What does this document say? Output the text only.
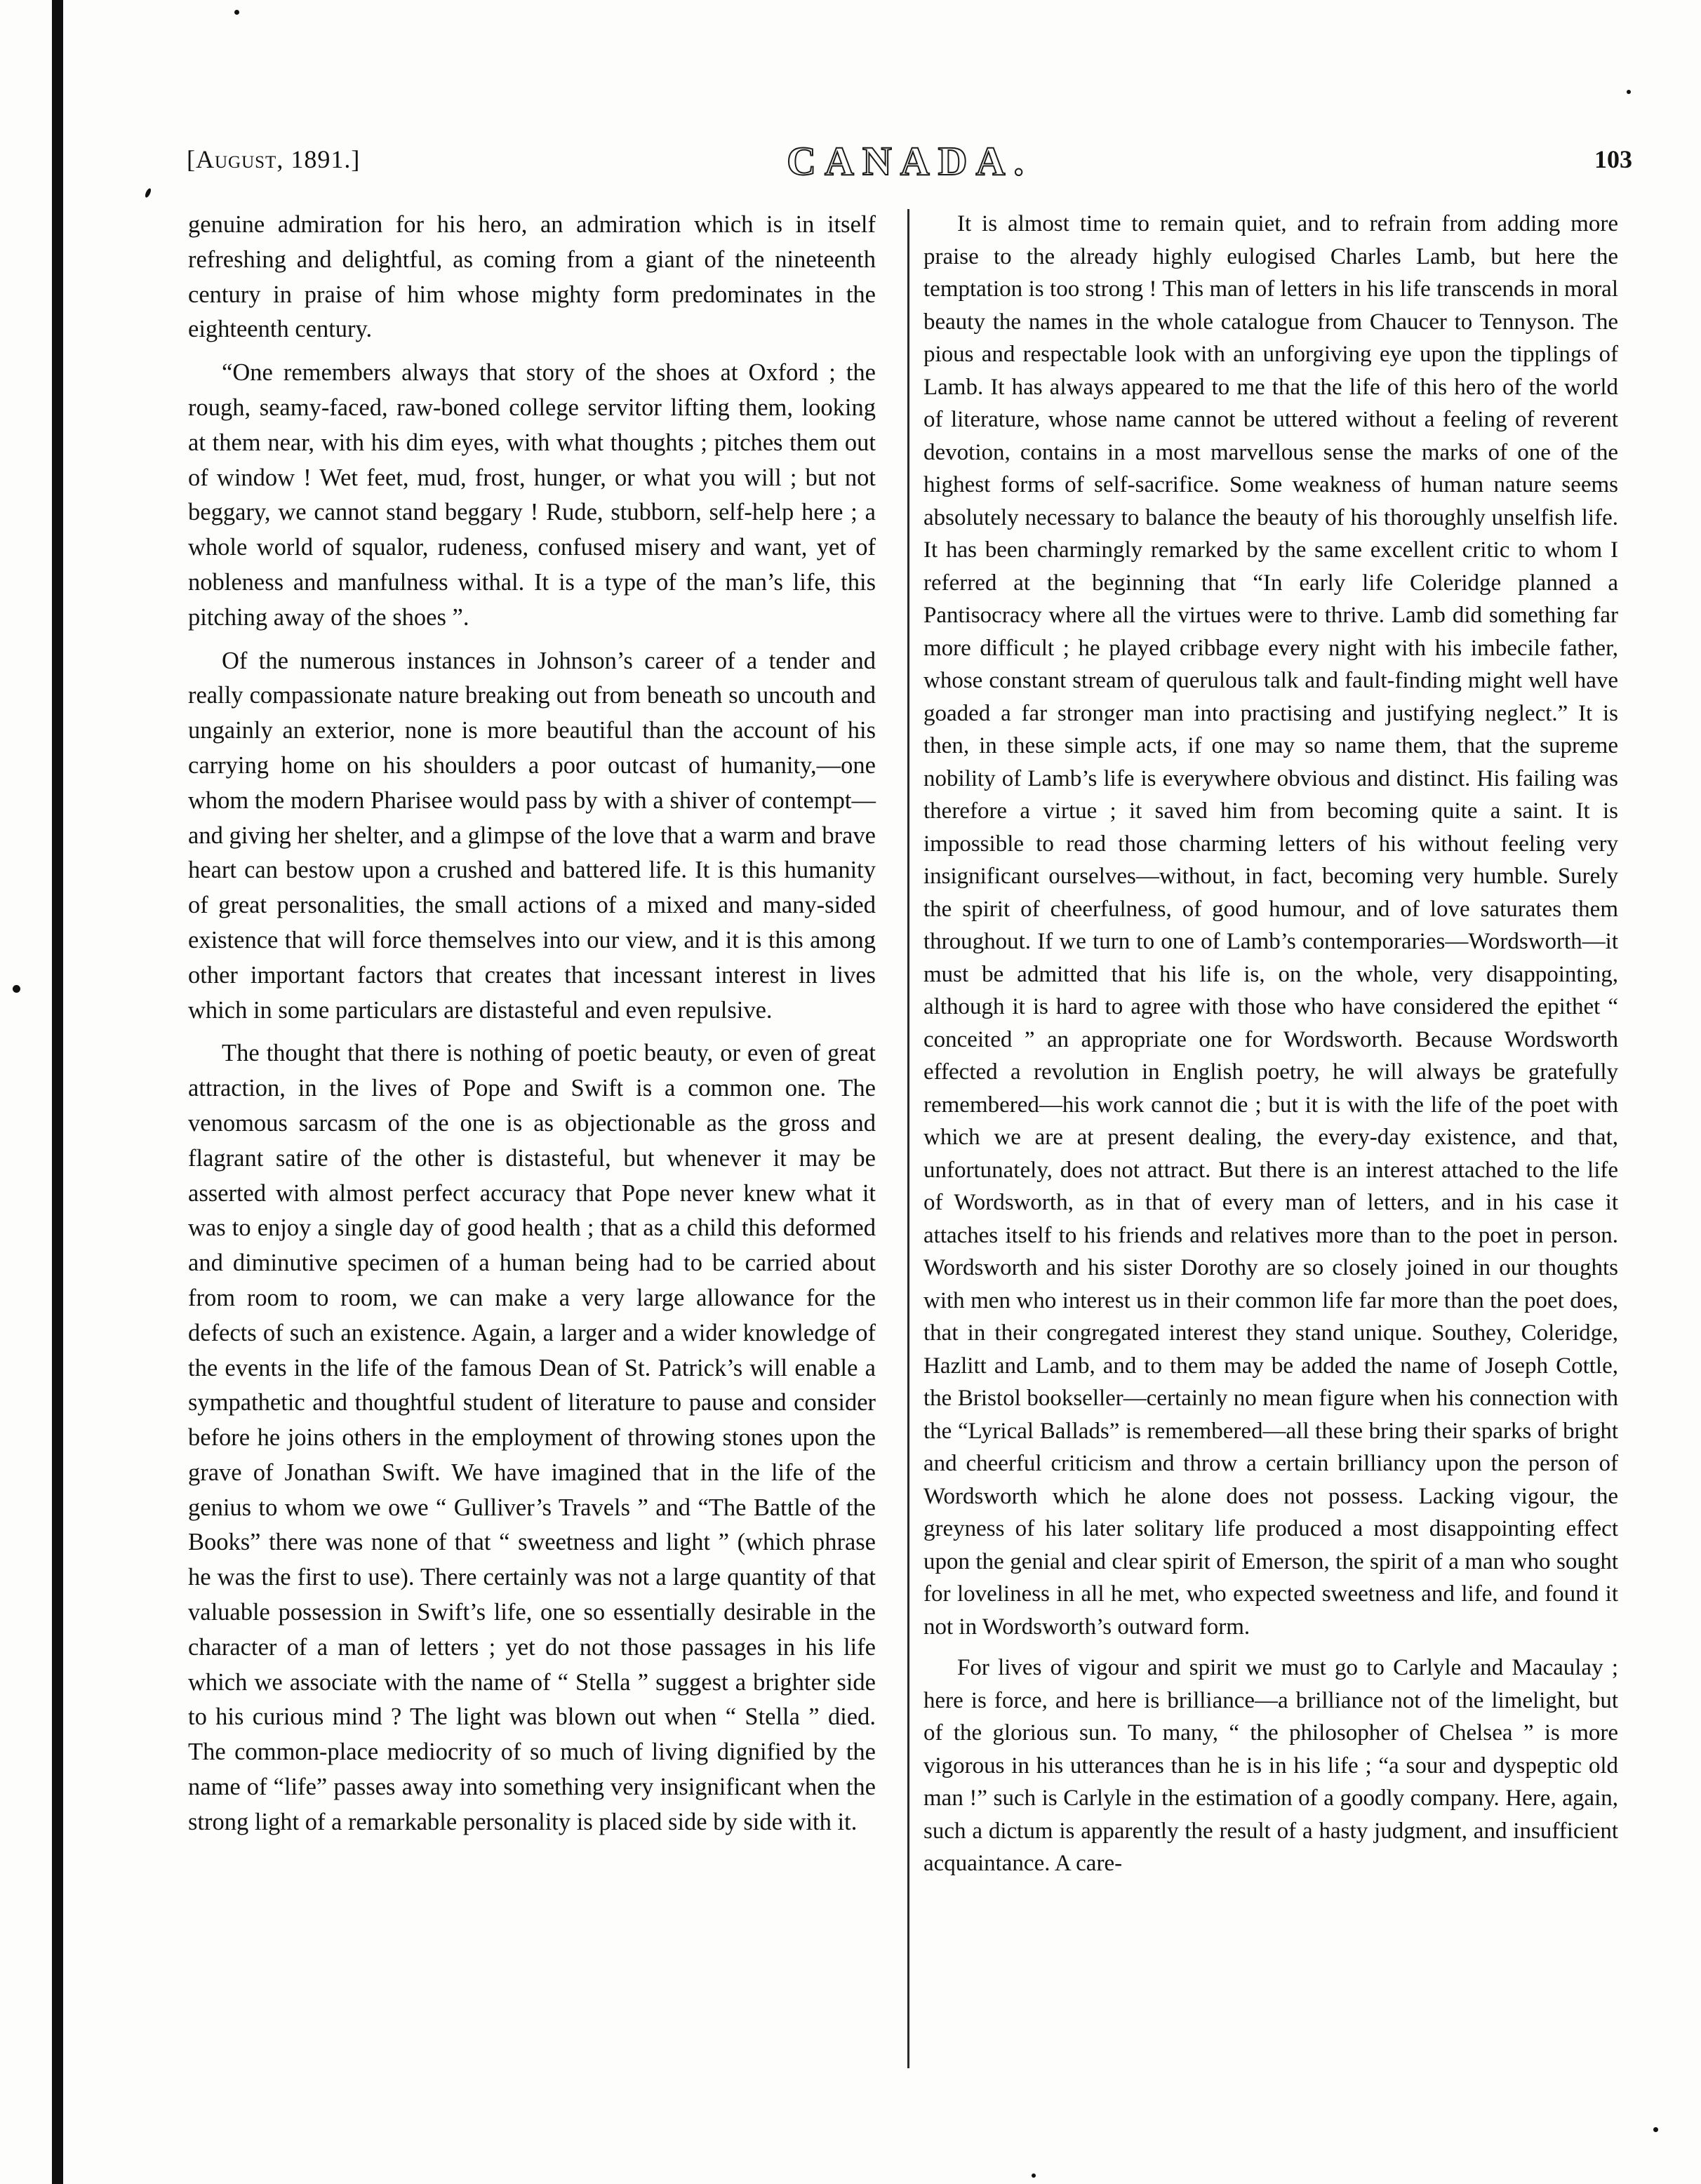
[August, 1891.]	CANADA.	103

genuine admiration for his hero, an admiration which is in itself refreshing and delightful, as coming from a giant of the nineteenth century in praise of him whose mighty form predominates in the eighteenth century.

“One remembers always that story of the shoes at Oxford ; the rough, seamy-faced, raw-boned college servitor lifting them, looking at them near, with his dim eyes, with what thoughts ; pitches them out of window ! Wet feet, mud, frost, hunger, or what you will ; but not beggary, we cannot stand beggary ! Rude, stubborn, self-help here ; a whole world of squalor, rudeness, confused misery and want, yet of nobleness and manfulness withal. It is a type of the man’s life, this pitching away of the shoes ”.

Of the numerous instances in Johnson’s career of a tender and really compassionate nature breaking out from beneath so uncouth and ungainly an exterior, none is more beautiful than the account of his carrying home on his shoulders a poor outcast of humanity,—one whom the modern Pharisee would pass by with a shiver of contempt—and giving her shelter, and a glimpse of the love that a warm and brave heart can bestow upon a crushed and battered life. It is this humanity of great personalities, the small actions of a mixed and many-sided existence that will force themselves into our view, and it is this among other important factors that creates that incessant interest in lives which in some particulars are distasteful and even repulsive.

The thought that there is nothing of poetic beauty, or even of great attraction, in the lives of Pope and Swift is a common one. The venomous sarcasm of the one is as objectionable as the gross and flagrant satire of the other is distasteful, but whenever it may be asserted with almost perfect accuracy that Pope never knew what it was to enjoy a single day of good health ; that as a child this deformed and diminutive specimen of a human being had to be carried about from room to room, we can make a very large allowance for the defects of such an existence. Again, a larger and a wider knowledge of the events in the life of the famous Dean of St. Patrick’s will enable a sympathetic and thoughtful student of literature to pause and consider before he joins others in the employment of throwing stones upon the grave of Jonathan Swift. We have imagined that in the life of the genius to whom we owe “ Gulliver’s Travels ” and “The Battle of the Books” there was none of that “ sweetness and light ” (which phrase he was the first to use). There certainly was not a large quantity of that valuable possession in Swift’s life, one so essentially desirable in the character of a man of letters ; yet do not those passages in his life which we associate with the name of “ Stella ” suggest a brighter side to his curious mind ? The light was blown out when “ Stella ” died. The common-place mediocrity of so much of living dignified by the name of “life” passes away into something very insignificant when the strong light of a remarkable personality is placed side by side with it.

It is almost time to remain quiet, and to refrain from adding more praise to the already highly eulogised Charles Lamb, but here the temptation is too strong ! This man of letters in his life transcends in moral beauty the names in the whole catalogue from Chaucer to Tennyson. The pious and respectable look with an unforgiving eye upon the tipplings of Lamb. It has always appeared to me that the life of this hero of the world of literature, whose name cannot be uttered without a feeling of reverent devotion, contains in a most marvellous sense the marks of one of the highest forms of self-sacrifice. Some weakness of human nature seems absolutely necessary to balance the beauty of his thoroughly unselfish life. It has been charmingly remarked by the same excellent critic to whom I referred at the beginning that “In early life Coleridge planned a Pantisocracy where all the virtues were to thrive. Lamb did something far more difficult ; he played cribbage every night with his imbecile father, whose constant stream of querulous talk and fault-finding might well have goaded a far stronger man into practising and justifying neglect.” It is then, in these simple acts, if one may so name them, that the supreme nobility of Lamb’s life is everywhere obvious and distinct. His failing was therefore a virtue ; it saved him from becoming quite a saint. It is impossible to read those charming letters of his without feeling very insignificant ourselves—without, in fact, becoming very humble. Surely the spirit of cheerfulness, of good humour, and of love saturates them throughout. If we turn to one of Lamb’s contemporaries—Wordsworth—it must be admitted that his life is, on the whole, very disappointing, although it is hard to agree with those who have considered the epithet “ conceited ” an appropriate one for Wordsworth. Because Wordsworth effected a revolution in English poetry, he will always be gratefully remembered—his work cannot die ; but it is with the life of the poet with which we are at present dealing, the every-day existence, and that, unfortunately, does not attract. But there is an interest attached to the life of Wordsworth, as in that of every man of letters, and in his case it attaches itself to his friends and relatives more than to the poet in person. Wordsworth and his sister Dorothy are so closely joined in our thoughts with men who interest us in their common life far more than the poet does, that in their congregated interest they stand unique. Southey, Coleridge, Hazlitt and Lamb, and to them may be added the name of Joseph Cottle, the Bristol bookseller—certainly no mean figure when his connection with the “Lyrical Ballads” is remembered—all these bring their sparks of bright and cheerful criticism and throw a certain brilliancy upon the person of Wordsworth which he alone does not possess. Lacking vigour, the greyness of his later solitary life produced a most disappointing effect upon the genial and clear spirit of Emerson, the spirit of a man who sought for loveliness in all he met, who expected sweetness and life, and found it not in Wordsworth’s outward form.

For lives of vigour and spirit we must go to Carlyle and Macaulay ; here is force, and here is brilliance—a brilliance not of the limelight, but of the glorious sun. To many, “ the philosopher of Chelsea ” is more vigorous in his utterances than he is in his life ; “a sour and dyspeptic old man !” such is Carlyle in the estimation of a goodly company. Here, again, such a dictum is apparently the result of a hasty judgment, and insufficient acquaintance. A care-
